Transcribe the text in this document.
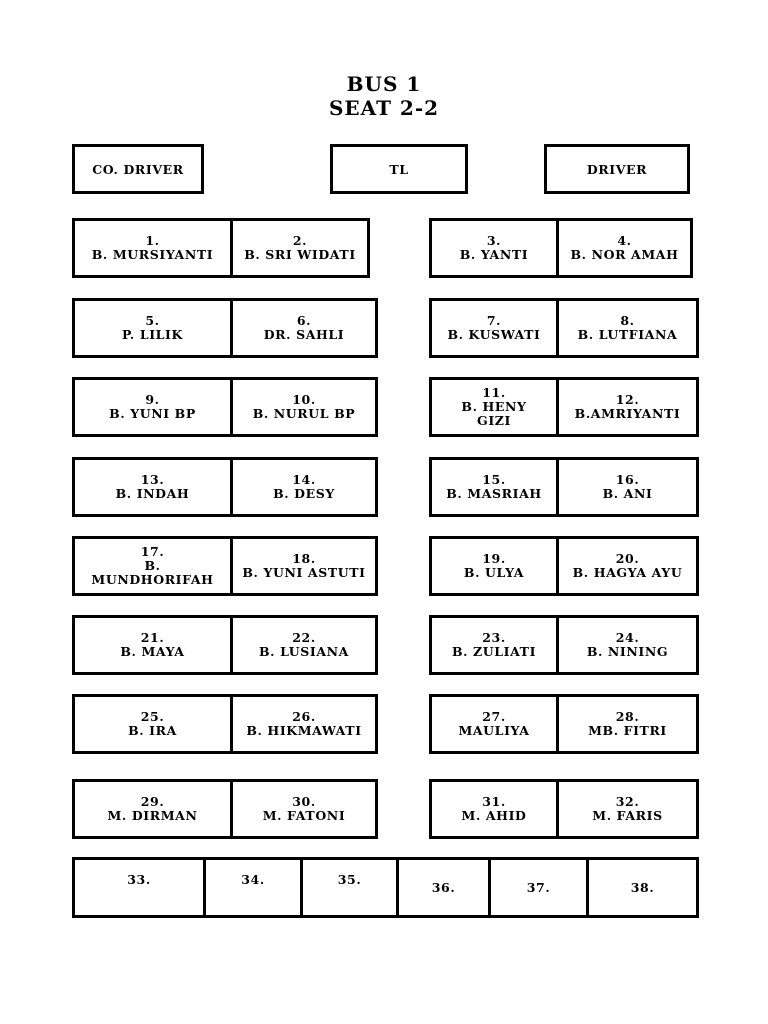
BUS 1
SEAT 2-2
CO. DRIVER	TL	DRIVER
1.
B. MURSIYANTI
2.
B. SRI WIDATI
3.
B. YANTI
4.
B. NOR AMAH
5.
P. LILIK
6.
DR. SAHLI
7.
B. KUSWATI
8.
B. LUTFIANA
9.
B. YUNI BP
10.
B. NURUL BP
11.
B. HENY
GIZI
12.
B.AMRIYANTI
13.
B. INDAH
14.
B. DESY
15.
B. MASRIAH
16.
B. ANI
17.
B.
MUNDHORIFAH
18.
B. YUNI ASTUTI
19.
B. ULYA
20.
B. HAGYA AYU
21.
B. MAYA
22.
B. LUSIANA
23.
B. ZULIATI
24.
B. NINING
25.
B. IRA
26.
B. HIKMAWATI
27.
MAULIYA
28.
MB. FITRI
29.
M. DIRMAN
30.
M. FATONI
31.
M. AHID
32.
M. FARIS
33.	34.	35.	36.	37.	38.
